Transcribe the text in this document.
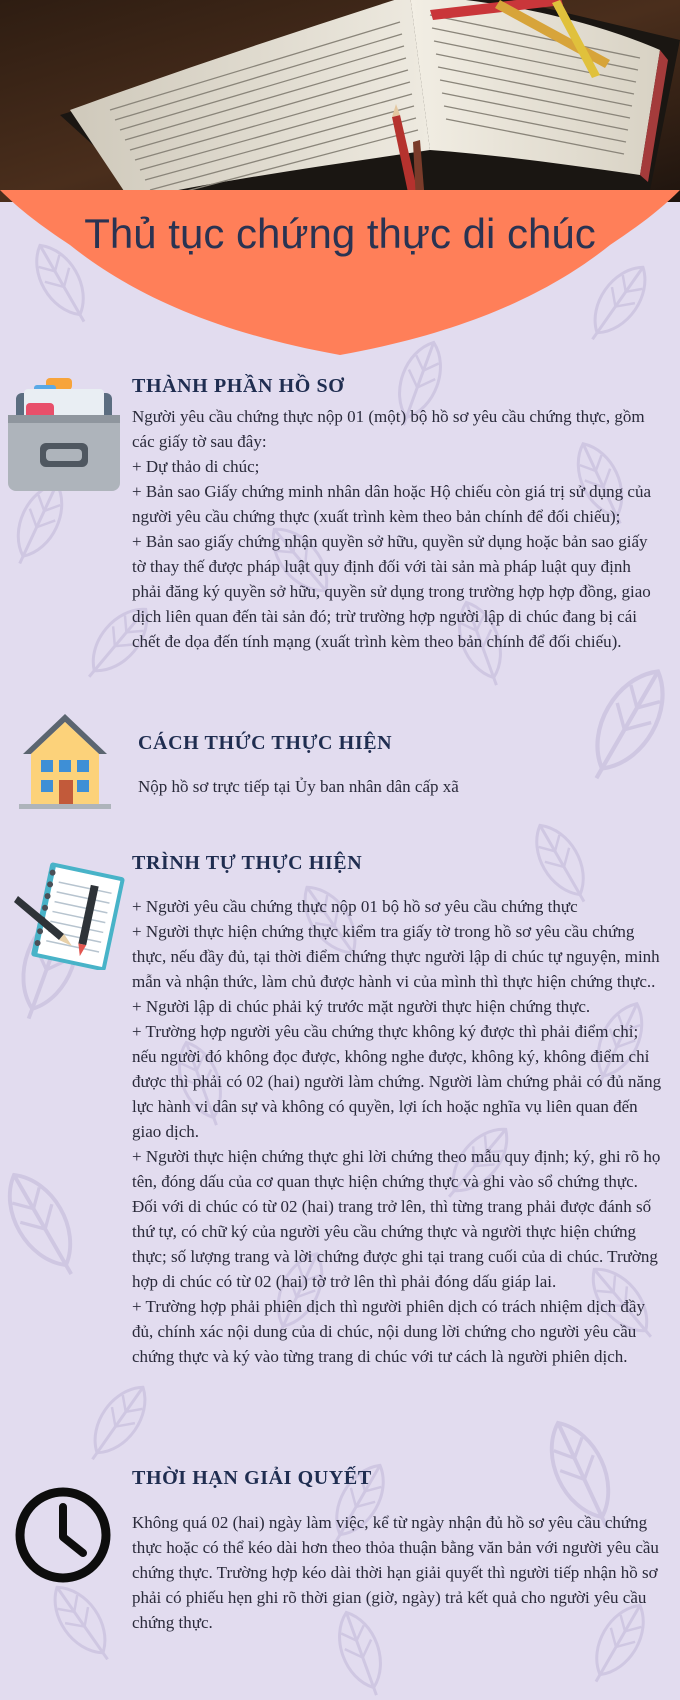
Thủ tục chứng thực di chúc
THÀNH PHẦN HỒ SƠ

Người yêu cầu chứng thực nộp 01 (một) bộ hồ sơ yêu cầu chứng thực, gồm các giấy tờ sau đây:

+ Dự thảo di chúc;

+ Bản sao Giấy chứng minh nhân dân hoặc Hộ chiếu còn giá trị sử dụng của người yêu cầu chứng thực (xuất trình kèm theo bản chính để đối chiếu);

+ Bản sao giấy chứng nhận quyền sở hữu, quyền sử dụng hoặc bản sao giấy tờ thay thế được pháp luật quy định đối với tài sản mà pháp luật quy định phải đăng ký quyền sở hữu, quyền sử dụng trong trường hợp hợp đồng, giao dịch liên quan đến tài sản đó; trừ trường hợp người lập di chúc đang bị cái chết đe dọa đến tính mạng (xuất trình kèm theo bản chính để đối chiếu).

CÁCH THỨC THỰC HIỆN

Nộp hồ sơ trực tiếp tại Ủy ban nhân dân cấp xã

TRÌNH TỰ THỰC HIỆN

+ Người yêu cầu chứng thực nộp 01 bộ hồ sơ yêu cầu chứng thực

+ Người thực hiện chứng thực kiểm tra giấy tờ trong hồ sơ yêu cầu chứng thực, nếu đầy đủ, tại thời điểm chứng thực người lập di chúc tự nguyện, minh mẫn và nhận thức, làm chủ được hành vi của mình thì thực hiện chứng thực..

+ Người lập di chúc phải ký trước mặt người thực hiện chứng thực.

+ Trường hợp người yêu cầu chứng thực không ký được thì phải điểm chỉ; nếu người đó không đọc được, không nghe được, không ký, không điểm chỉ được thì phải có 02 (hai) người làm chứng. Người làm chứng phải có đủ năng lực hành vi dân sự và không có quyền, lợi ích hoặc nghĩa vụ liên quan đến giao dịch.

+ Người thực hiện chứng thực ghi lời chứng theo mẫu quy định; ký, ghi rõ họ tên, đóng dấu của cơ quan thực hiện chứng thực và ghi vào sổ chứng thực. Đối với di chúc có từ 02 (hai) trang trở lên, thì từng trang phải được đánh số thứ tự, có chữ ký của người yêu cầu chứng thực và người thực hiện chứng thực; số lượng trang và lời chứng được ghi tại trang cuối của di chúc. Trường hợp di chúc có từ 02 (hai) tờ trở lên thì phải đóng dấu giáp lai.

+ Trường hợp phải phiên dịch thì người phiên dịch có trách nhiệm dịch đầy đủ, chính xác nội dung của di chúc, nội dung lời chứng cho người yêu cầu chứng thực và ký vào từng trang di chúc với tư cách là người phiên dịch.

THỜI HẠN GIẢI QUYẾT

Không quá 02 (hai) ngày làm việc, kể từ ngày nhận đủ hồ sơ yêu cầu chứng thực hoặc có thể kéo dài hơn theo thỏa thuận bằng văn bản với người yêu cầu chứng thực. Trường hợp kéo dài thời hạn giải quyết thì người tiếp nhận hồ sơ phải có phiếu hẹn ghi rõ thời gian (giờ, ngày) trả kết quả cho người yêu cầu chứng thực.
